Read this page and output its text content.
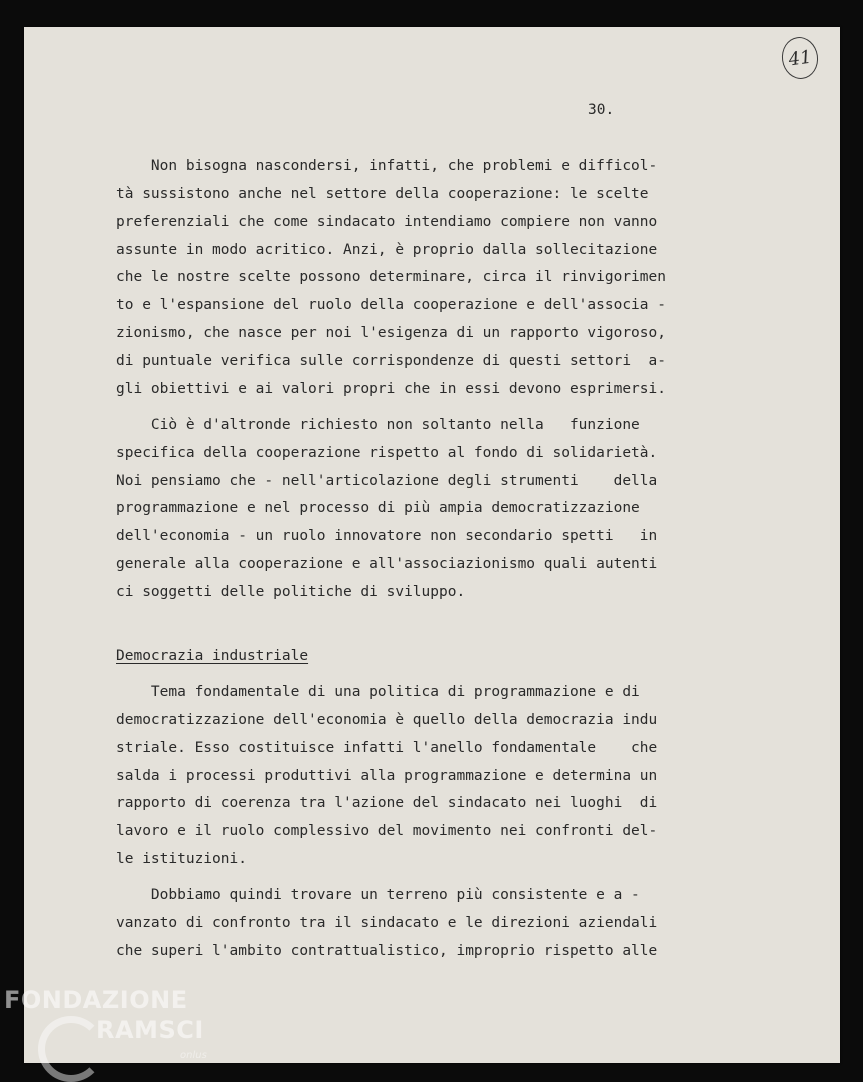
41
30.
Non bisogna nascondersi, infatti, che problemi e difficol-
tà sussistono anche nel settore della cooperazione: le scelte
preferenziali che come sindacato intendiamo compiere non vanno
assunte in modo acritico. Anzi, è proprio dalla sollecitazione
che le nostre scelte possono determinare, circa il rinvigorimen
to e l'espansione del ruolo della cooperazione e dell'associa -
zionismo, che nasce per noi l'esigenza di un rapporto vigoroso,
di puntuale verifica sulle corrispondenze di questi settori  a-
gli obiettivi e ai valori propri che in essi devono esprimersi.
Ciò è d'altronde richiesto non soltanto nella   funzione
specifica della cooperazione rispetto al fondo di solidarietà.
Noi pensiamo che - nell'articolazione degli strumenti    della
programmazione e nel processo di più ampia democratizzazione
dell'economia - un ruolo innovatore non secondario spetti   in
generale alla cooperazione e all'associazionismo quali autenti
ci soggetti delle politiche di sviluppo.
Democrazia industriale
Tema fondamentale di una politica di programmazione e di
democratizzazione dell'economia è quello della democrazia indu
striale. Esso costituisce infatti l'anello fondamentale    che
salda i processi produttivi alla programmazione e determina un
rapporto di coerenza tra l'azione del sindacato nei luoghi  di
lavoro e il ruolo complessivo del movimento nei confronti del-
le istituzioni.
Dobbiamo quindi trovare un terreno più consistente e a -
vanzato di confronto tra il sindacato e le direzioni aziendali
che superi l'ambito contrattualistico, improprio rispetto alle
FONDAZIONE
RAMSCI
onlus
